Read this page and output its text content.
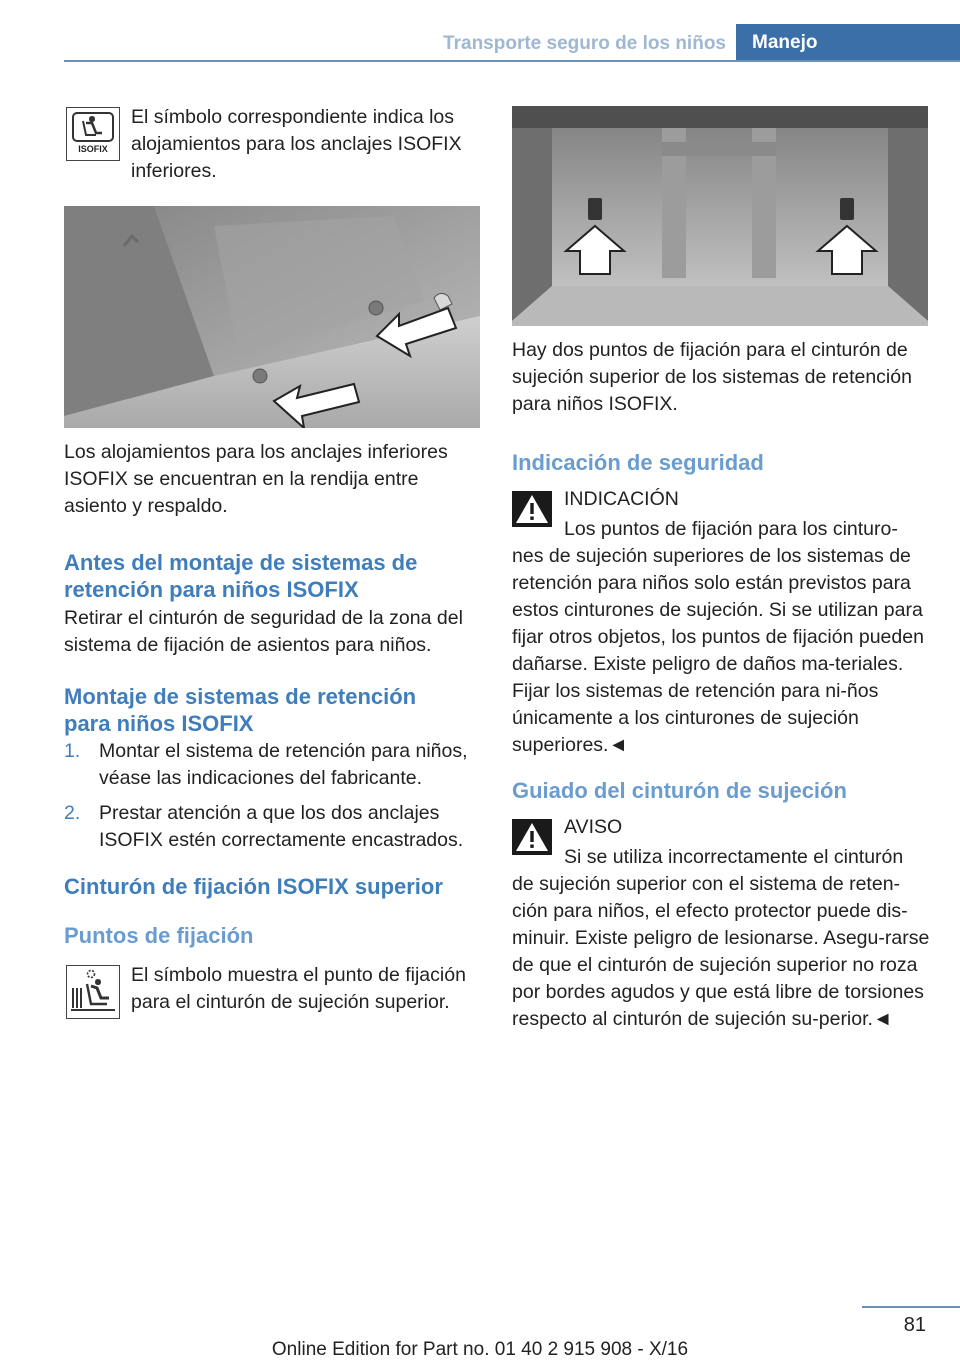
Transporte seguro de los niños	Manejo
ISOFIX

El símbolo correspondiente indica los alojamientos para los anclajes ISOFIX inferiores.

Los alojamientos para los anclajes inferiores ISOFIX se encuentran en la rendija entre asiento y respaldo.

Antes del montaje de sistemas de retención para niños ISOFIX

Retirar el cinturón de seguridad de la zona del sistema de fijación de asientos para niños.

Montaje de sistemas de retención para niños ISOFIX
1. Montar el sistema de retención para niños, véase las indicaciones del fabricante.
2. Prestar atención a que los dos anclajes ISOFIX estén correctamente encastrados.
Cinturón de fijación ISOFIX superior
Puntos de fijación

El símbolo muestra el punto de fijación para el cinturón de sujeción superior.

Hay dos puntos de fijación para el cinturón de sujeción superior de los sistemas de retención para niños ISOFIX.

Indicación de seguridad
INDICACIÓN
Los puntos de fijación para los cinturo-

nes de sujeción superiores de los sistemas de retención para niños solo están previstos para estos cinturones de sujeción. Si se utilizan para fijar otros objetos, los puntos de fijación pueden dañarse. Existe peligro de daños ma-teriales. Fijar los sistemas de retención para ni-ños únicamente a los cinturones de sujeción superiores.◄

Guiado del cinturón de sujeción
AVISO
Si se utiliza incorrectamente el cinturón

de sujeción superior con el sistema de reten-ción para niños, el efecto protector puede dis-minuir. Existe peligro de lesionarse. Asegu-rarse de que el cinturón de sujeción superior no roza por bordes agudos y que está libre de torsiones respecto al cinturón de sujeción su-perior.◄

81
Online Edition for Part no. 01 40 2 915 908 - X/16
